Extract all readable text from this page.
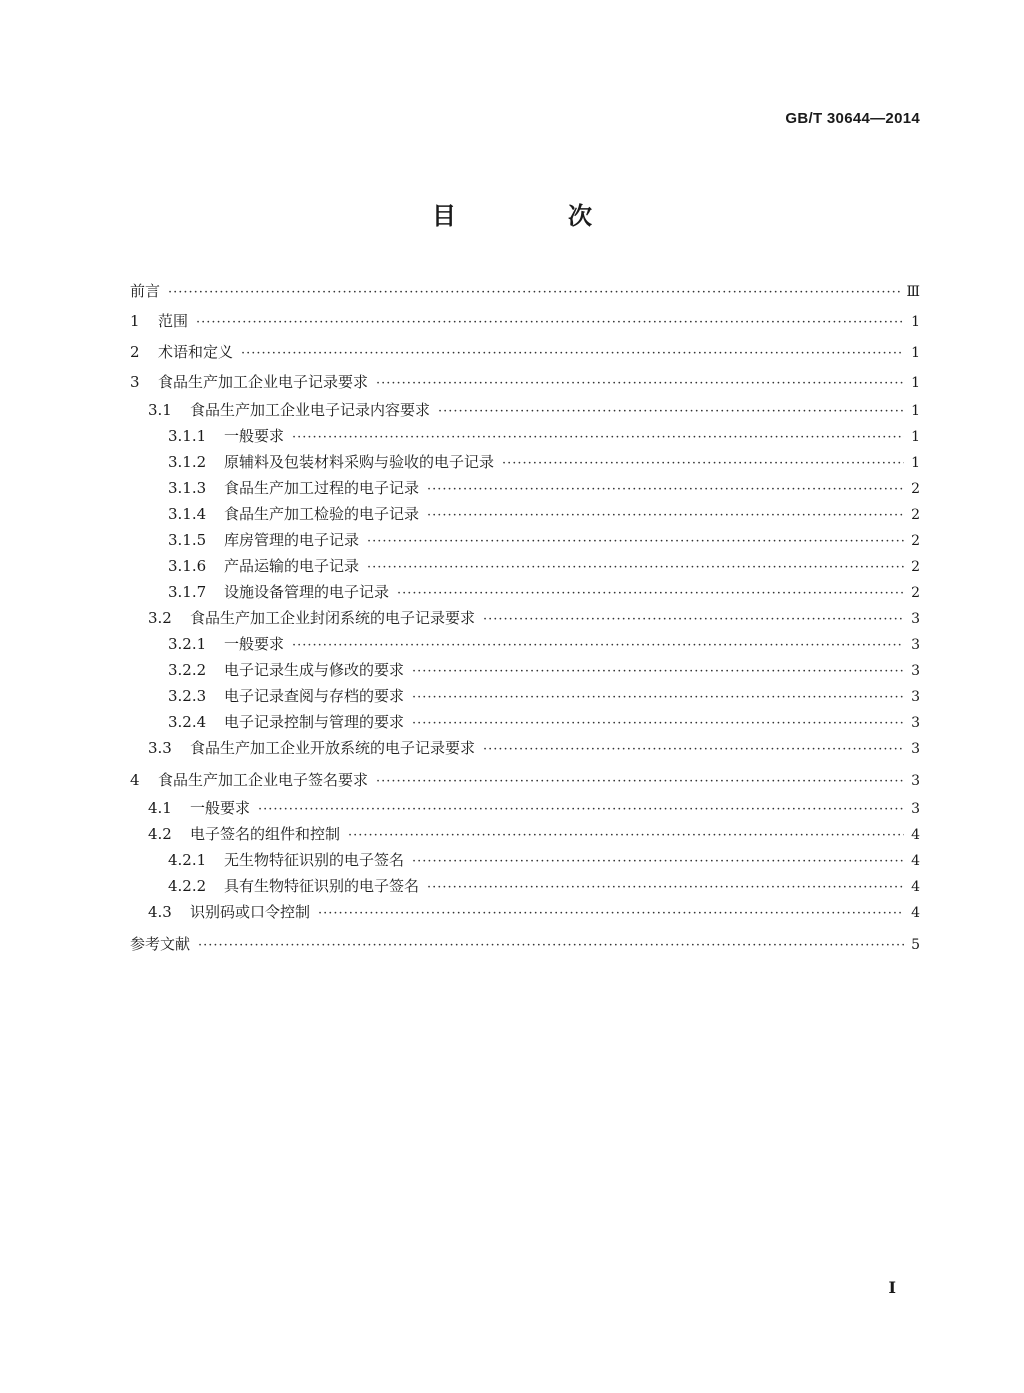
GB/T 30644—2014
目　次
前言 ·····	Ⅲ
1	范围 ·····	1
2	术语和定义 ·····	1
3	食品生产加工企业电子记录要求 ·····	1
3.1	食品生产加工企业电子记录内容要求 ·····	1
3.1.1	一般要求 ·····	1
3.1.2	原辅料及包装材料采购与验收的电子记录 ·····	1
3.1.3	食品生产加工过程的电子记录 ·····	2
3.1.4	食品生产加工检验的电子记录 ·····	2
3.1.5	库房管理的电子记录 ·····	2
3.1.6	产品运输的电子记录 ·····	2
3.1.7	设施设备管理的电子记录 ·····	2
3.2	食品生产加工企业封闭系统的电子记录要求 ·····	3
3.2.1	一般要求 ·····	3
3.2.2	电子记录生成与修改的要求 ·····	3
3.2.3	电子记录查阅与存档的要求 ·····	3
3.2.4	电子记录控制与管理的要求 ·····	3
3.3	食品生产加工企业开放系统的电子记录要求 ·····	3
4	食品生产加工企业电子签名要求 ·····	3
4.1	一般要求 ·····	3
4.2	电子签名的组件和控制 ·····	4
4.2.1	无生物特征识别的电子签名 ·····	4
4.2.2	具有生物特征识别的电子签名 ·····	4
4.3	识别码或口令控制 ·····	4
参考文献 ·····	5
I
